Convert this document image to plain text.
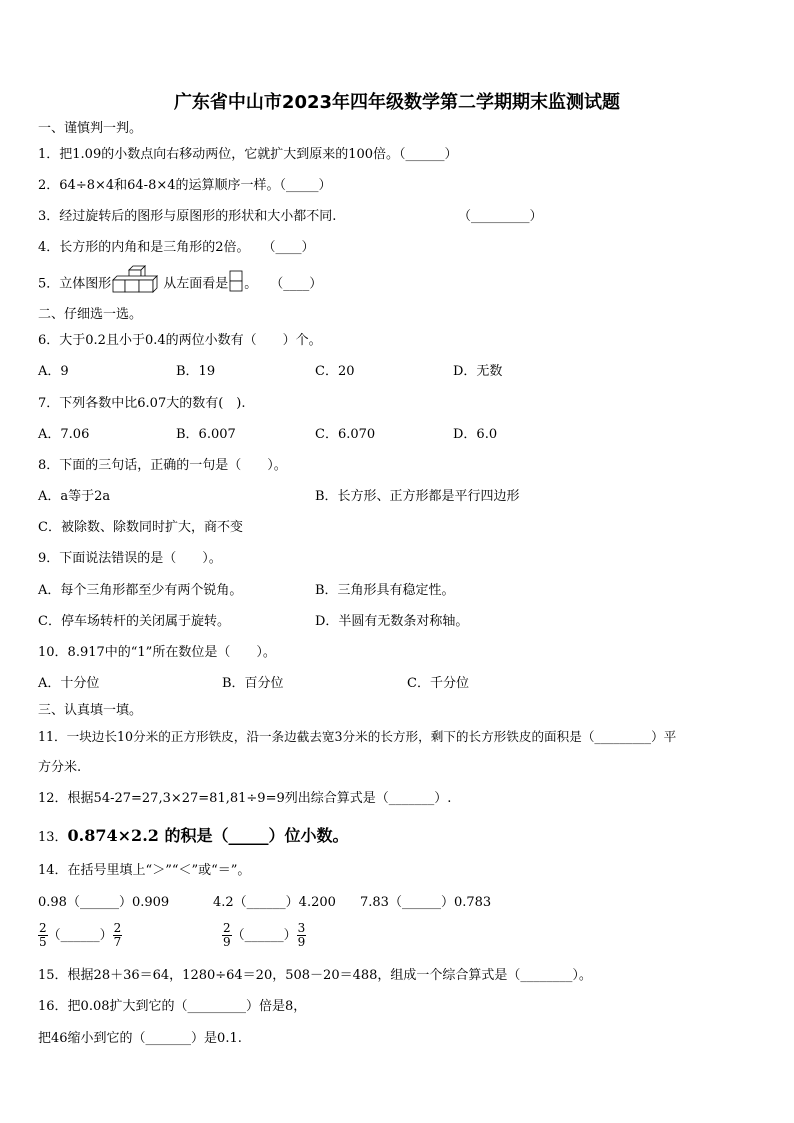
广东省中山市2023年四年级数学第二学期期末监测试题
一、谨慎判一判。
1．把1.09的小数点向右移动两位，它就扩大到原来的100倍。（______）
2．64÷8×4和64-8×4的运算顺序一样。（_____）
3．经过旋转后的图形与原图形的形状和大小都不同.	（_________）
4．长方形的内角和是三角形的2倍。　　（____）
5．立体图形	从左面看是 。　　（____）
二、仔细选一选。
6．大于0.2且小于0.4的两位小数有（　　）个。
A．9	B．19	C．20	D．无数
7．下列各数中比6.07大的数有(　).
A．7.06	B．6.007	C．6.070	D．6.0
8．下面的三句话，正确的一句是（　　）。
A．a等于2a	B．长方形、正方形都是平行四边形
C．被除数、除数同时扩大，商不变
9．下面说法错误的是（　　）。
A．每个三角形都至少有两个锐角。	B．三角形具有稳定性。
C．停车场转杆的关闭属于旋转。	D．半圆有无数条对称轴。
10．8.917中的“1”所在数位是（　　）。
A．十分位	B．百分位	C．千分位
三、认真填一填。
11．一块边长10分米的正方形铁皮，沿一条边截去宽3分米的长方形，剩下的长方形铁皮的面积是（_________）平
方分米.
12．根据54-27=27,3×27=81,81÷9=9列出综合算式是（_______）.
13．0.874×2.2 的积是（_____）位小数。
14．在括号里填上“＞”“＜”或“＝”。
0.98（______）0.909	4.2（______）4.200 7.83（______）0.783
$\frac{2}{5}$ （______） $\frac{2}{7}$	$\frac{2}{9}$ （______） $\frac{3}{9}$
15．根据28＋36＝64，1280÷64＝20，508－20＝488，组成一个综合算式是（________）。
16．把0.08扩大到它的（_________）倍是8，
把46缩小到它的（_______）是0.1.
